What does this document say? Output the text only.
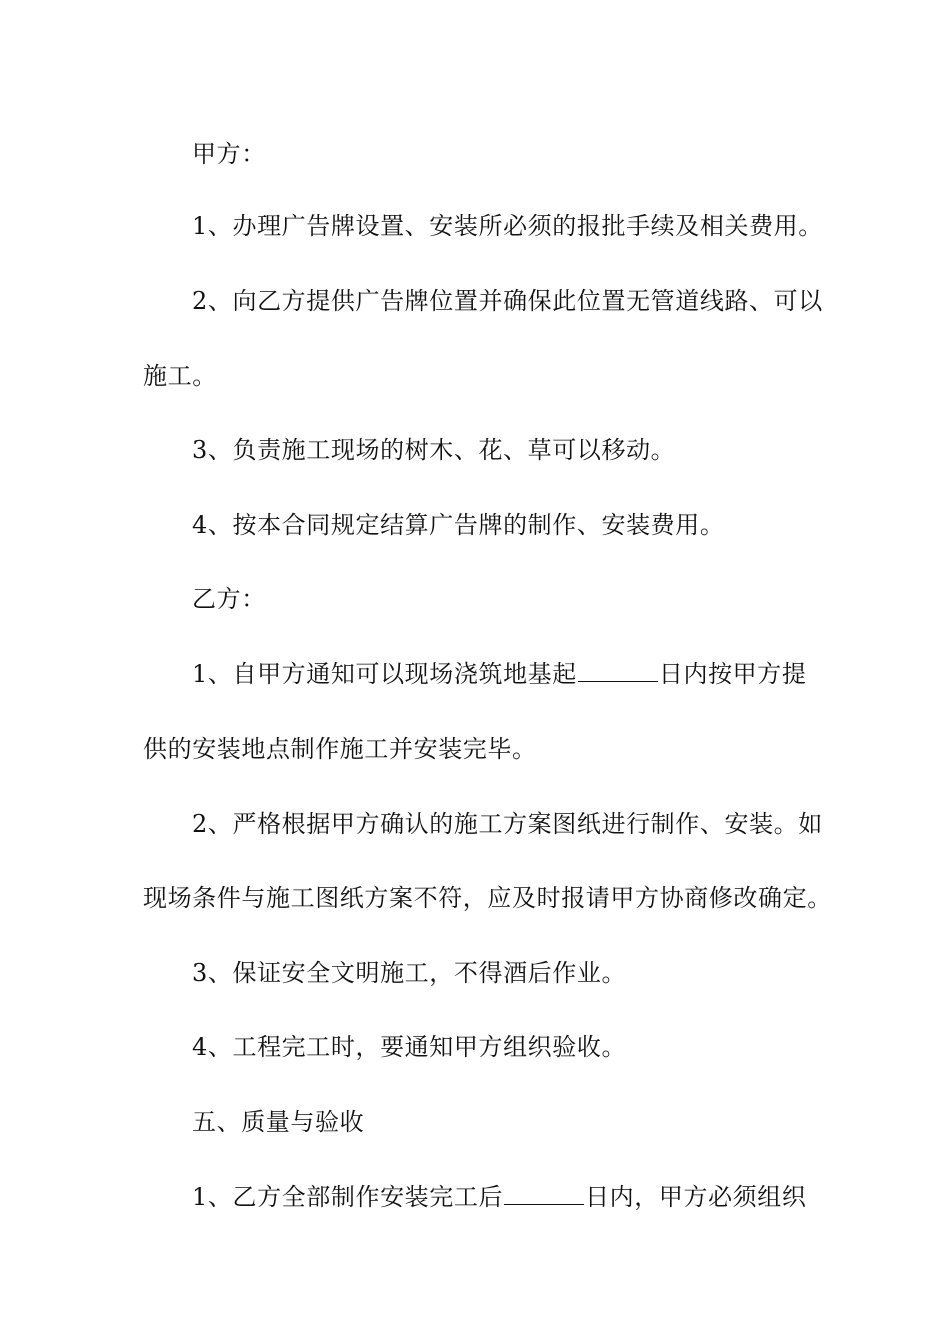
甲方：
1、办理广告牌设置、安装所必须的报批手续及相关费用。
2、向乙方提供广告牌位置并确保此位置无管道线路、可以
施工。
3、负责施工现场的树木、花、草可以移动。
4、按本合同规定结算广告牌的制作、安装费用。
乙方：
1、自甲方通知可以现场浇筑地基起	日内按甲方提
供的安装地点制作施工并安装完毕。
2、严格根据甲方确认的施工方案图纸进行制作、安装。如
现场条件与施工图纸方案不符，应及时报请甲方协商修改确定。
3、保证安全文明施工，不得酒后作业。
4、工程完工时，要通知甲方组织验收。
五、质量与验收
1、乙方全部制作安装完工后	日内，甲方必须组织
